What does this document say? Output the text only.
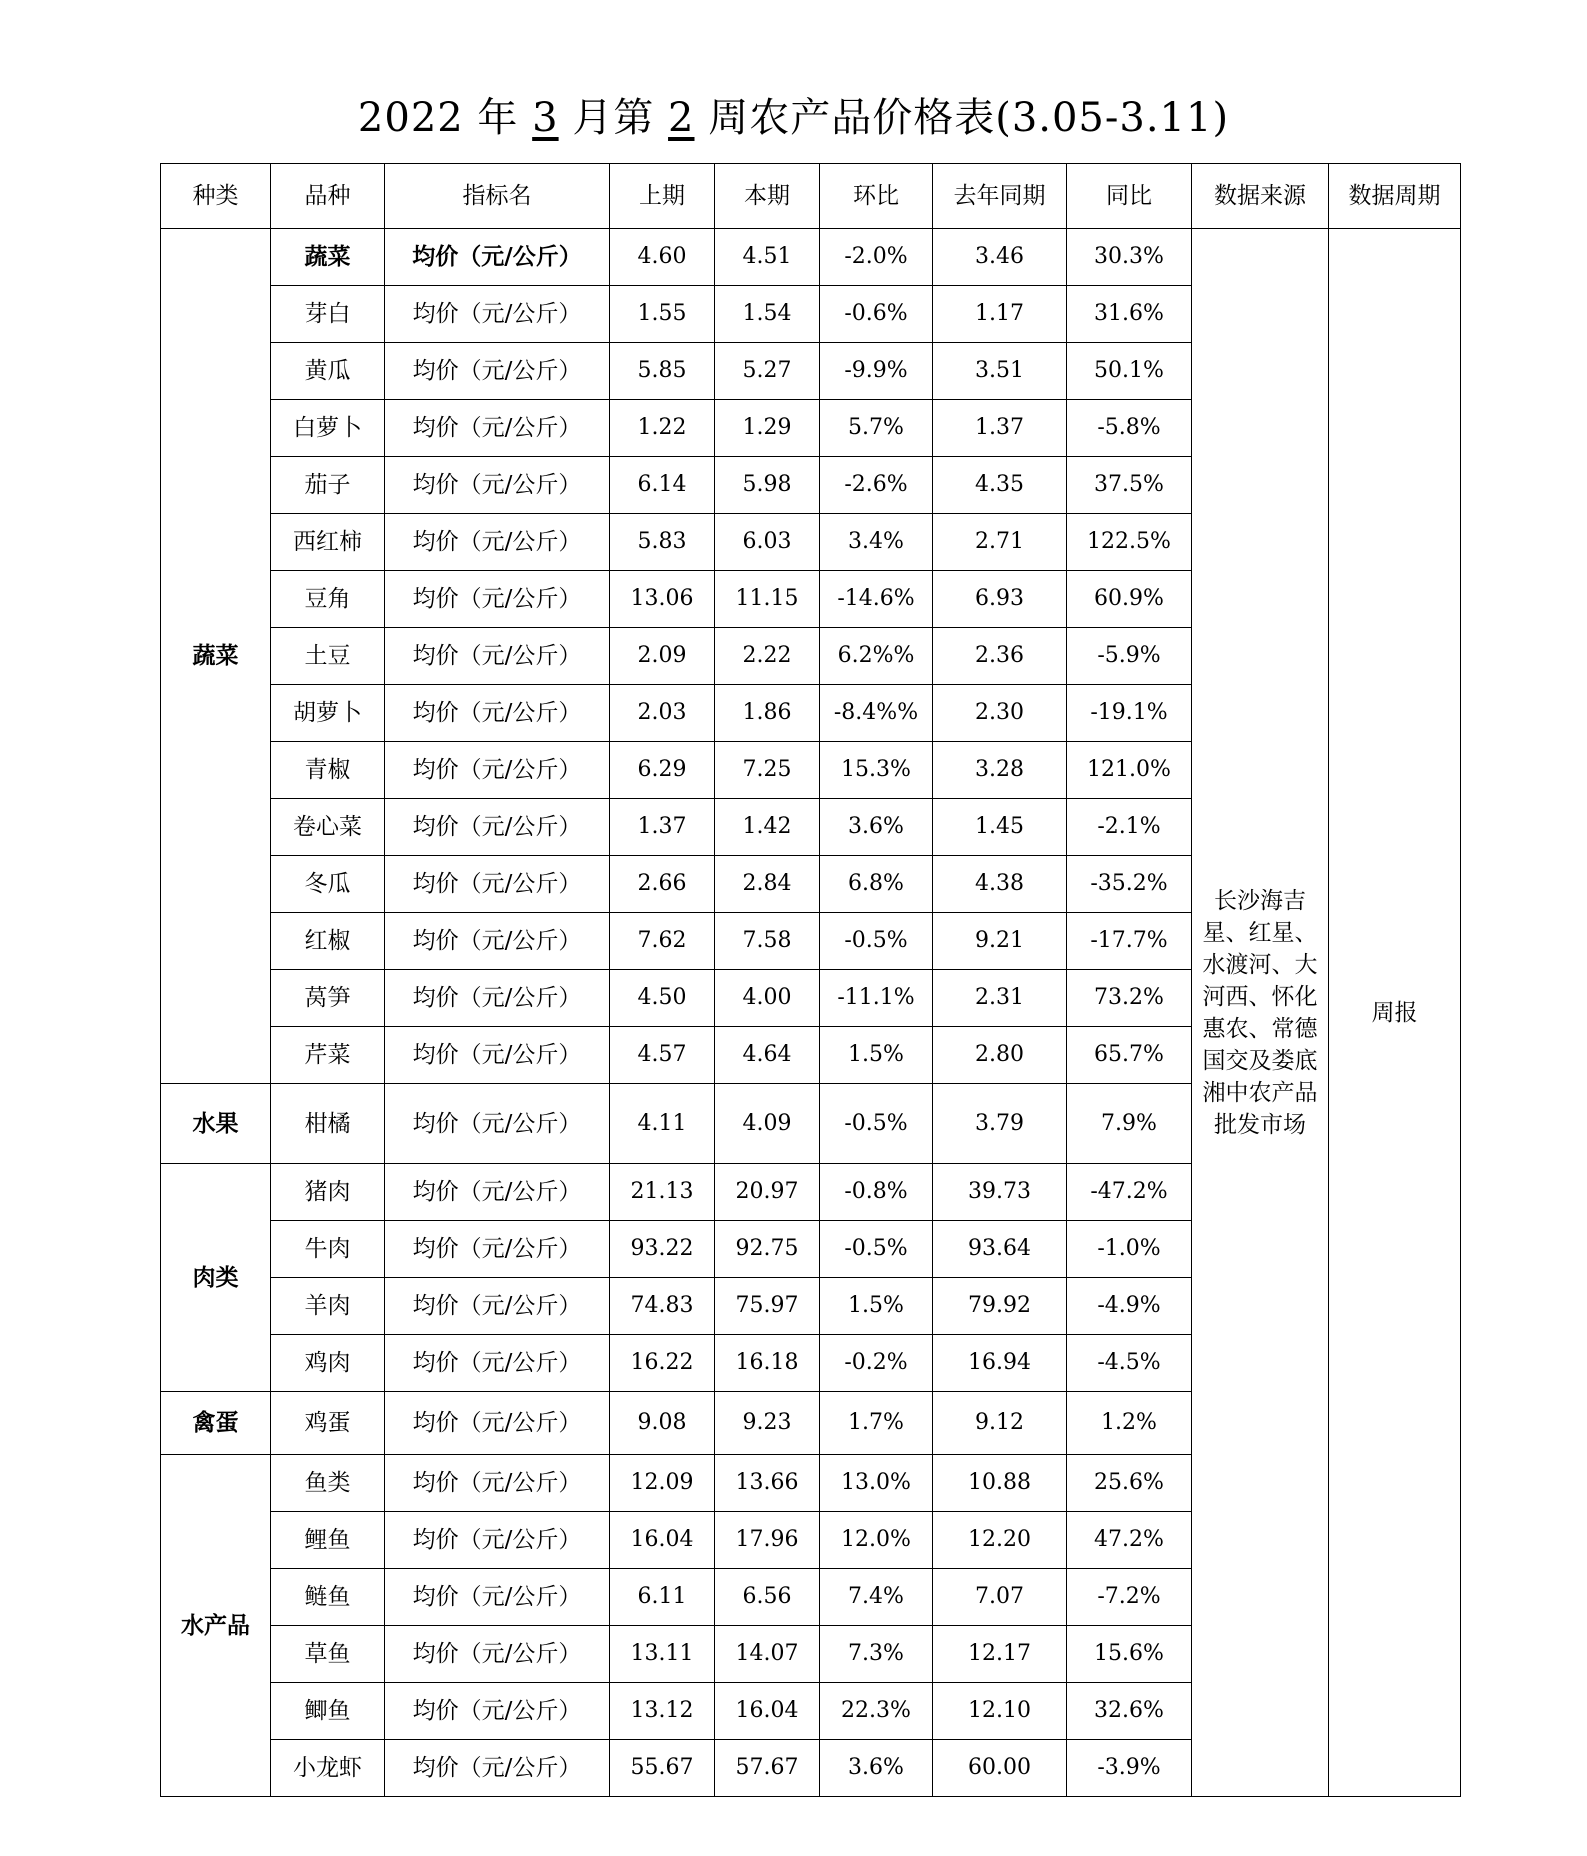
2022 年 3 月第 2 周农产品价格表(3.05-3.11)
种类	品种	指标名	上期	本期	环比	去年同期	同比	数据来源	数据周期
蔬菜	蔬菜	均价（元/公斤）	4.60	4.51	-2.0%	3.46	30.3%	长沙海吉星、红星、水渡河、大河西、怀化惠农、常德国交及娄底湘中农产品批发市场	周报
	芽白	均价（元/公斤）	1.55	1.54	-0.6%	1.17	31.6%		
	黄瓜	均价（元/公斤）	5.85	5.27	-9.9%	3.51	50.1%		
	白萝卜	均价（元/公斤）	1.22	1.29	5.7%	1.37	-5.8%		
	茄子	均价（元/公斤）	6.14	5.98	-2.6%	4.35	37.5%		
	西红柿	均价（元/公斤）	5.83	6.03	3.4%	2.71	122.5%		
	豆角	均价（元/公斤）	13.06	11.15	-14.6%	6.93	60.9%		
	土豆	均价（元/公斤）	2.09	2.22	6.2%%	2.36	-5.9%		
	胡萝卜	均价（元/公斤）	2.03	1.86	-8.4%%	2.30	-19.1%		
	青椒	均价（元/公斤）	6.29	7.25	15.3%	3.28	121.0%		
	卷心菜	均价（元/公斤）	1.37	1.42	3.6%	1.45	-2.1%		
	冬瓜	均价（元/公斤）	2.66	2.84	6.8%	4.38	-35.2%		
	红椒	均价（元/公斤）	7.62	7.58	-0.5%	9.21	-17.7%		
	莴笋	均价（元/公斤）	4.50	4.00	-11.1%	2.31	73.2%		
	芹菜	均价（元/公斤）	4.57	4.64	1.5%	2.80	65.7%		
水果	柑橘	均价（元/公斤）	4.11	4.09	-0.5%	3.79	7.9%		
肉类	猪肉	均价（元/公斤）	21.13	20.97	-0.8%	39.73	-47.2%		
	牛肉	均价（元/公斤）	93.22	92.75	-0.5%	93.64	-1.0%		
	羊肉	均价（元/公斤）	74.83	75.97	1.5%	79.92	-4.9%		
	鸡肉	均价（元/公斤）	16.22	16.18	-0.2%	16.94	-4.5%		
禽蛋	鸡蛋	均价（元/公斤）	9.08	9.23	1.7%	9.12	1.2%		
水产品	鱼类	均价（元/公斤）	12.09	13.66	13.0%	10.88	25.6%		
	鲤鱼	均价（元/公斤）	16.04	17.96	12.0%	12.20	47.2%		
	鲢鱼	均价（元/公斤）	6.11	6.56	7.4%	7.07	-7.2%		
	草鱼	均价（元/公斤）	13.11	14.07	7.3%	12.17	15.6%		
	鲫鱼	均价（元/公斤）	13.12	16.04	22.3%	12.10	32.6%		
	小龙虾	均价（元/公斤）	55.67	57.67	3.6%	60.00	-3.9%		
